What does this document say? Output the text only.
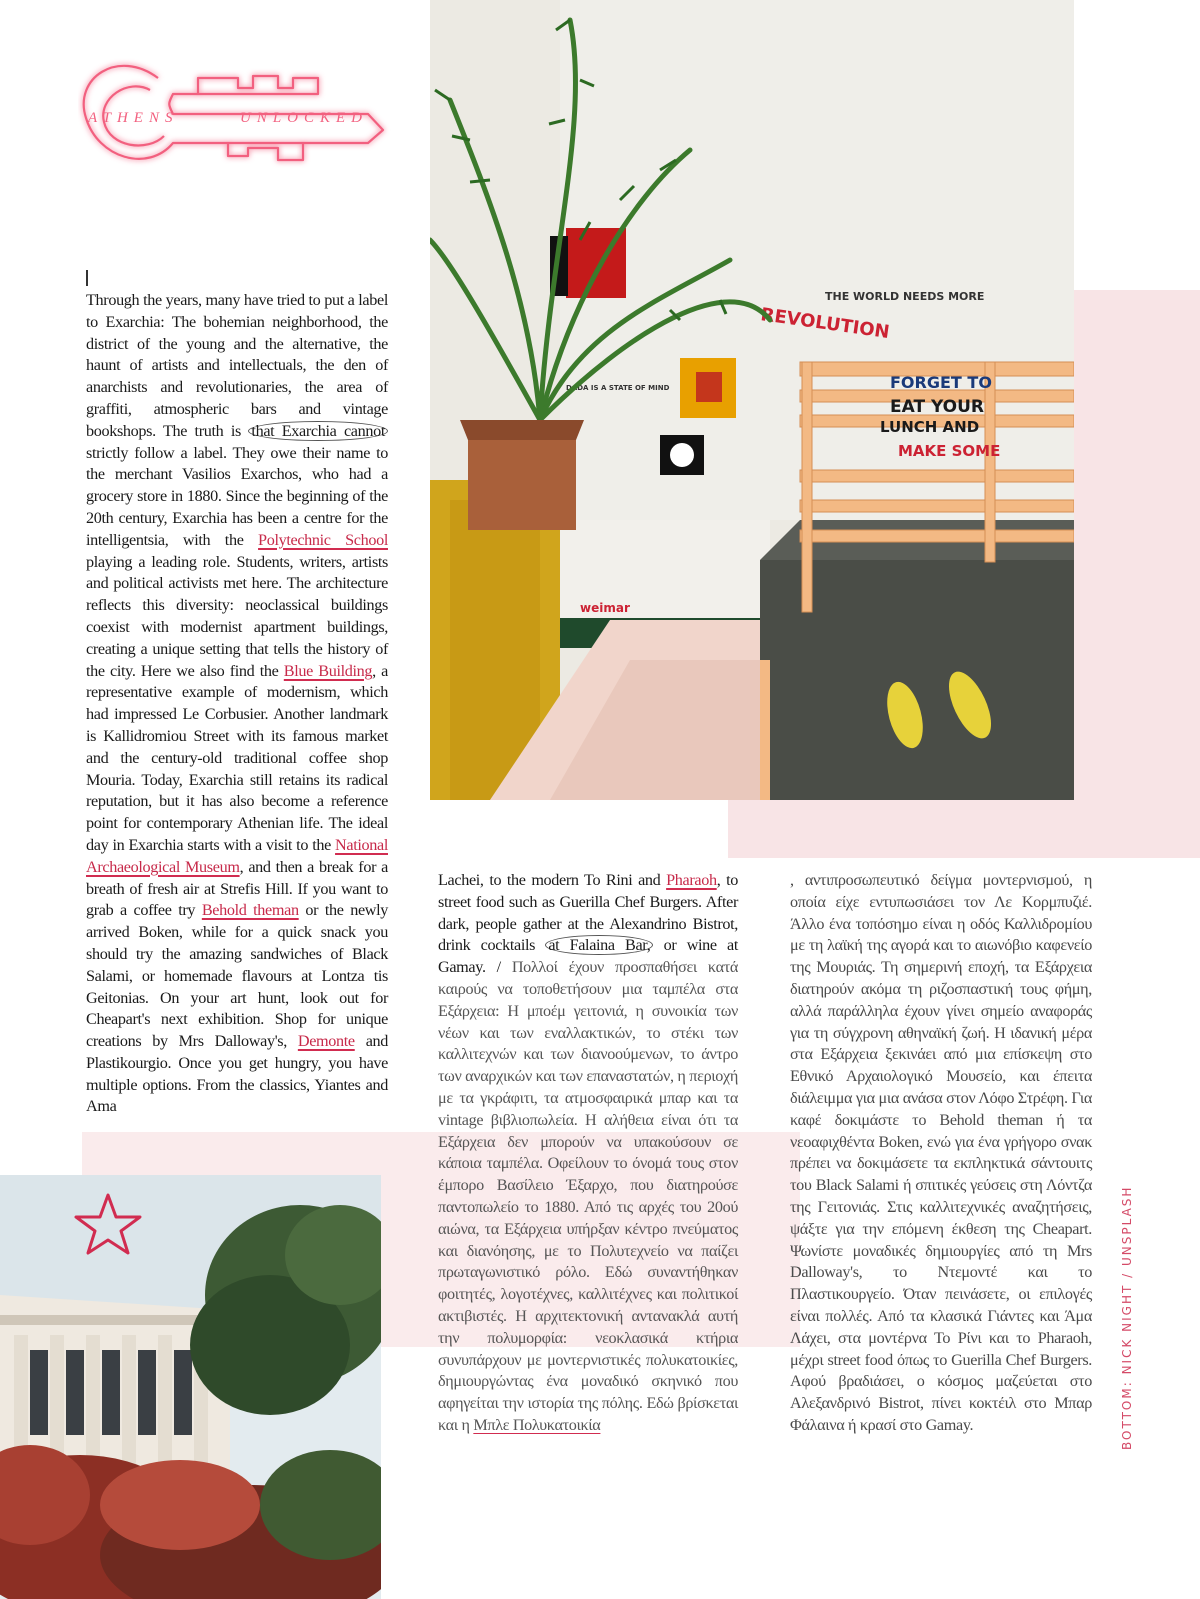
ATHENS	UNLOCKED
REVOLUTION
THE WORLD NEEDS MORE
FORGET TO
EAT YOUR
LUNCH AND
MAKE SOME
weimar
DADA IS A STATE OF MIND
Through the years, many have tried to put a label to Exarchia: The bohemian neighborhood, the district of the young and the alternative, the haunt of artists and intellectuals, the den of anarchists and revolutionaries, the area of graffiti, atmospheric bars and vintage bookshops. The truth is that Exarchia cannot strictly follow a label. They owe their name to the merchant Vasilios Exarchos, who had a grocery store in 1880. Since the beginning of the 20th century, Exarchia has been a centre for the intelligentsia, with the Polytechnic School playing a leading role. Students, writers, artists and political activists met here. The architecture reflects this diversity: neoclassical buildings coexist with modernist apartment buildings, creating a unique setting that tells the history of the city. Here we also find the Blue Building, a representative example of modernism, which had impressed Le Corbusier. Another landmark is Kallidromiou Street with its famous market and the century-old traditional coffee shop Mouria. Today, Exarchia still retains its radical reputation, but it has also become a reference point for contemporary Athenian life. The ideal day in Exarchia starts with a visit to the National Archaeological Museum, and then a break for a breath of fresh air at Strefis Hill. If you want to grab a coffee try Behold theman or the newly arrived Boken, while for a quick snack you should try the amazing sandwiches of Black Salami, or homemade flavours at Lontza tis Geitonias. On your art hunt, look out for Cheapart's next exhibition. Shop for unique creations by Mrs Dalloway's, Demonte and Plastikourgio. Once you get hungry, you have multiple options. From the classics, Yiantes and Ama
Lachei, to the modern To Rini and Pharaoh, to street food such as Guerilla Chef Burgers. After dark, people gather at the Alexandrino Bistrot, drink cocktails at Falaina Bar, or wine at Gamay. / Πολλοί έχουν προσπαθήσει κατά καιρούς να τοποθετήσουν μια ταμπέλα στα Εξάρχεια: Η μποέμ γειτονιά, η συνοικία των νέων και των εναλλακτικών, το στέκι των καλλιτεχνών και των διανοούμενων, το άντρο των αναρχικών και των επαναστατών, η περιοχή με τα γκράφιτι, τα ατμοσφαιρικά μπαρ και τα vintage βιβλιοπωλεία. Η αλήθεια είναι ότι τα Εξάρχεια δεν μπορούν να υπακούσουν σε κάποια ταμπέλα. Οφείλουν το όνομά τους στον έμπορο Βασίλειο Έξαρχο, που διατηρούσε παντοπωλείο το 1880. Από τις αρχές του 20ού αιώνα, τα Εξάρχεια υπήρξαν κέντρο πνεύματος και διανόησης, με το Πολυτεχνείο να παίζει πρωταγωνιστικό ρόλο. Εδώ συναντήθηκαν φοιτητές, λογοτέχνες, καλλιτέχνες και πολιτικοί ακτιβιστές. Η αρχιτεκτονική αντανακλά αυτή την πολυμορφία: νεοκλασικά κτήρια συνυπάρχουν με μοντερνιστικές πολυκατοικίες, δημιουργώντας ένα μοναδικό σκηνικό που αφηγείται την ιστορία της πόλης. Εδώ βρίσκεται και η Μπλε Πολυκατοικία
, αντιπροσωπευτικό δείγμα μοντερνισμού, η οποία είχε εντυπωσιάσει τον Λε Κορμπυζιέ. Άλλο ένα τοπόσημο είναι η οδός Καλλιδρομίου με τη λαϊκή της αγορά και το αιωνόβιο καφενείο της Μουριάς. Τη σημερινή εποχή, τα Εξάρχεια διατηρούν ακόμα τη ριζοσπαστική τους φήμη, αλλά παράλληλα έχουν γίνει σημείο αναφοράς για τη σύγχρονη αθηναϊκή ζωή. Η ιδανική μέρα στα Εξάρχεια ξεκινάει από μια επίσκεψη στο Εθνικό Αρχαιολογικό Μουσείο, και έπειτα διάλειμμα για μια ανάσα στον Λόφο Στρέφη. Για καφέ δοκιμάστε το Behold theman ή τα νεοαφιχθέντα Boken, ενώ για ένα γρήγορο σνακ πρέπει να δοκιμάσετε τα εκπληκτικά σάντουιτς του Black Salami ή σπιτικές γεύσεις στη Λόντζα της Γειτονιάς. Στις καλλιτεχνικές αναζητήσεις, ψάξτε για την επόμενη έκθεση της Cheapart. Ψωνίστε μοναδικές δημιουργίες από τη Mrs Dalloway's, το Ντεμοντέ και το Πλαστικουργείο. Όταν πεινάσετε, οι επιλογές είναι πολλές. Από τα κλασικά Γιάντες και Άμα Λάχει, στα μοντέρνα Το Ρίνι και το Pharaoh, μέχρι street food όπως το Guerilla Chef Burgers. Αφού βραδιάσει, ο κόσμος μαζεύεται στο Αλεξανδρινό Bistrot, πίνει κοκτέιλ στο Μπαρ Φάλαινα ή κρασί στο Gamay.	BOTTOM: NICK NIGHT / UNSPLASH
